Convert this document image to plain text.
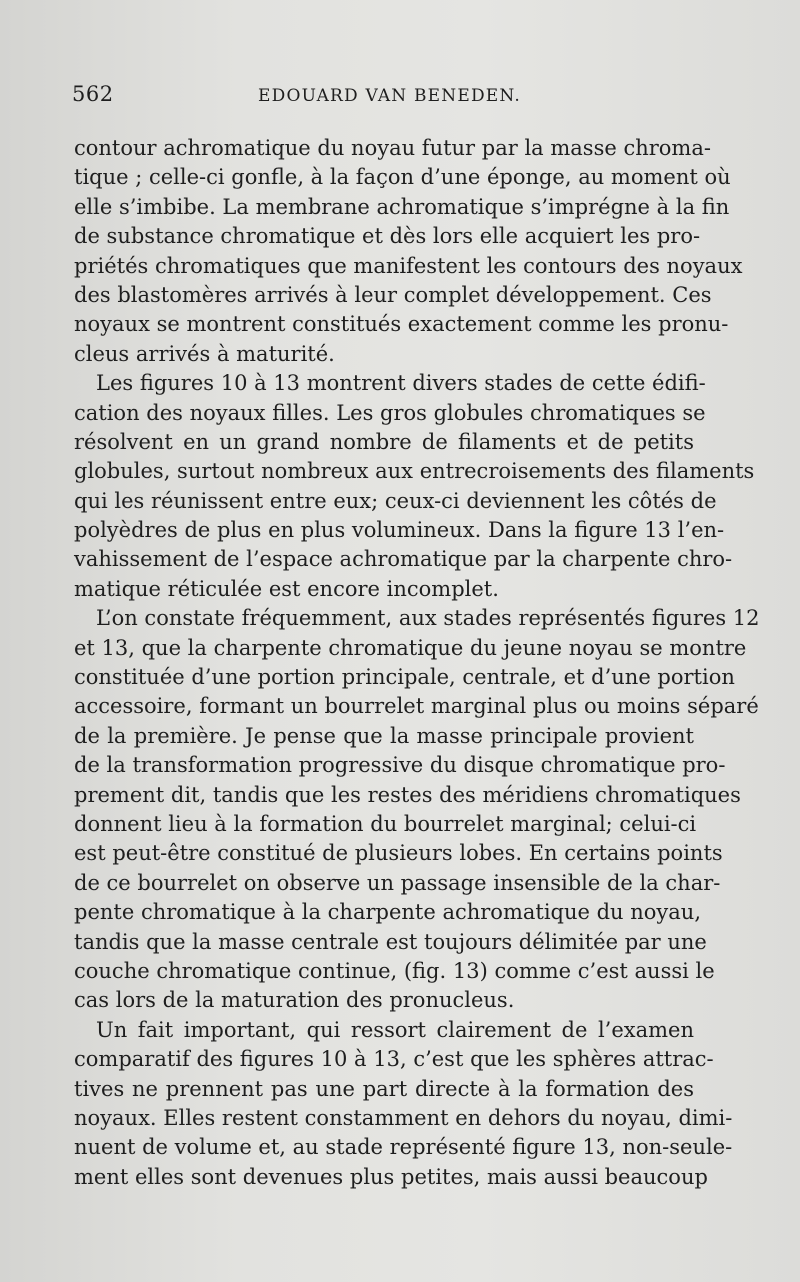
562	EDOUARD VAN BENEDEN.
contour achromatique du noyau futur par la masse chroma-
tique ; celle-ci gonfle, à la façon d’une éponge, au moment où
elle s’imbibe. La membrane achromatique s’imprégne à la fin
de substance chromatique et dès lors elle acquiert les pro-
priétés chromatiques que manifestent les contours des noyaux
des blastomères arrivés à leur complet développement. Ces
noyaux se montrent constitués exactement comme les pronu-
cleus arrivés à maturité.
Les figures 10 à 13 montrent divers stades de cette édifi-
cation des noyaux filles. Les gros globules chromatiques se
résolvent en un grand nombre de filaments et de petits
globules, surtout nombreux aux entrecroisements des filaments
qui les réunissent entre eux; ceux-ci deviennent les côtés de
polyèdres de plus en plus volumineux. Dans la figure 13 l’en-
vahissement de l’espace achromatique par la charpente chro-
matique réticulée est encore incomplet.
L’on constate fréquemment, aux stades représentés figures 12
et 13, que la charpente chromatique du jeune noyau se montre
constituée d’une portion principale, centrale, et d’une portion
accessoire, formant un bourrelet marginal plus ou moins séparé
de la première. Je pense que la masse principale provient
de la transformation progressive du disque chromatique pro-
prement dit, tandis que les restes des méridiens chromatiques
donnent lieu à la formation du bourrelet marginal; celui-ci
est peut-être constitué de plusieurs lobes. En certains points
de ce bourrelet on observe un passage insensible de la char-
pente chromatique à la charpente achromatique du noyau,
tandis que la masse centrale est toujours délimitée par une
couche chromatique continue, (fig. 13) comme c’est aussi le
cas lors de la maturation des pronucleus.
Un fait important, qui ressort clairement de l’examen
comparatif des figures 10 à 13, c’est que les sphères attrac-
tives ne prennent pas une part directe à la formation des
noyaux. Elles restent constamment en dehors du noyau, dimi-
nuent de volume et, au stade représenté figure 13, non-seule-
ment elles sont devenues plus petites, mais aussi beaucoup
